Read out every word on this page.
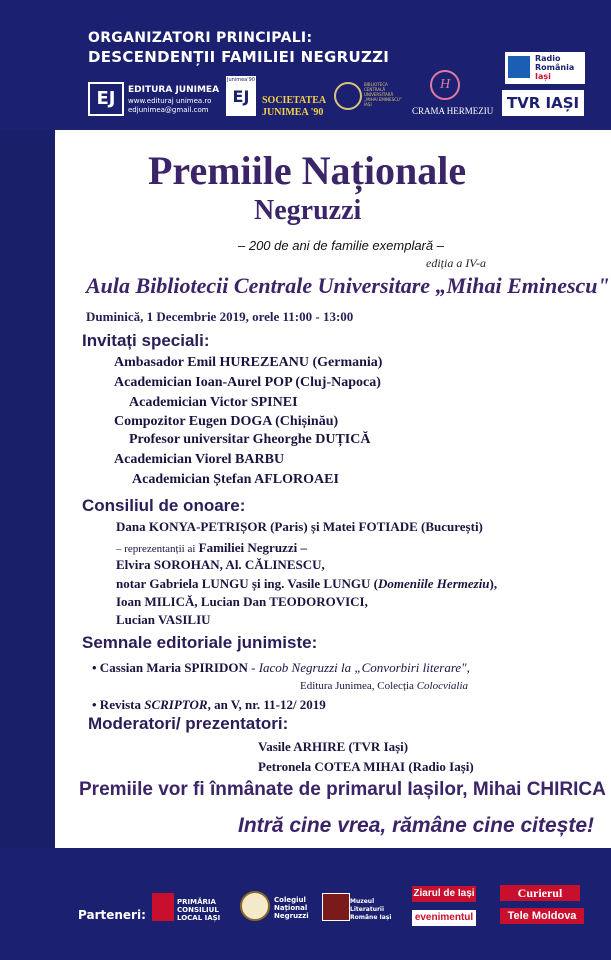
ORGANIZATORI PRINCIPALI:
DESCENDENȚII FAMILIEI NEGRUZZI
EJ	EDITURA JUNIMEA
www.edituraj unimea.ro
edjunimea@gmail.com
Junimea'90
EJ	SOCIETATEA
JUNIMEA '90
BIBLIOTECA CENTRALĂ UNIVERSITARĂ „MIHAI EMINESCU" IAȘI
H
CRAMA HERMEZIU
Radio
România
Iași
TVR IAȘI
Premiile Naționale
Negruzzi
– 200 de ani de familie exemplară –
ediția a IV-a
Aula Bibliotecii Centrale Universitare „Mihai Eminescu"
Duminică, 1 Decembrie 2019, orele 11:00 - 13:00
Invitați speciali:
Ambasador Emil HUREZEANU (Germania)
Academician Ioan-Aurel POP (Cluj-Napoca)
Academician Victor SPINEI
Compozitor Eugen DOGA (Chișinău)
Profesor universitar Gheorghe DUȚICĂ
Academician Viorel BARBU
Academician Ștefan AFLOROAEI
Consiliul de onoare:
Dana KONYA-PETRIȘOR (Paris) și Matei FOTIADE (București)
– reprezentanții ai Familiei Negruzzi –
Elvira SOROHAN, Al. CĂLINESCU,
notar Gabriela LUNGU și ing. Vasile LUNGU (Domeniile Hermeziu),
Ioan MILICĂ, Lucian Dan TEODOROVICI,
Lucian VASILIU
Semnale editoriale junimiste:
• Cassian Maria SPIRIDON - Iacob Negruzzi la „Convorbiri literare",
Editura Junimea, Colecția Colocvialia
• Revista SCRIPTOR, an V, nr. 11-12/ 2019
Moderatori/ prezentatori:
Vasile ARHIRE (TVR Iași)
Petronela COTEA MIHAI (Radio Iași)
Premiile vor fi înmânate de primarul Iașilor, Mihai CHIRICA
Intră cine vrea, rămâne cine citește!
Parteneri:
PRIMĂRIA CONSILIUL LOCAL IAȘI
Colegiul Național Negruzzi
Muzeul Literaturii Române Iași
Ziarul de Iași
evenimentul
Curierul
Tele Moldova
